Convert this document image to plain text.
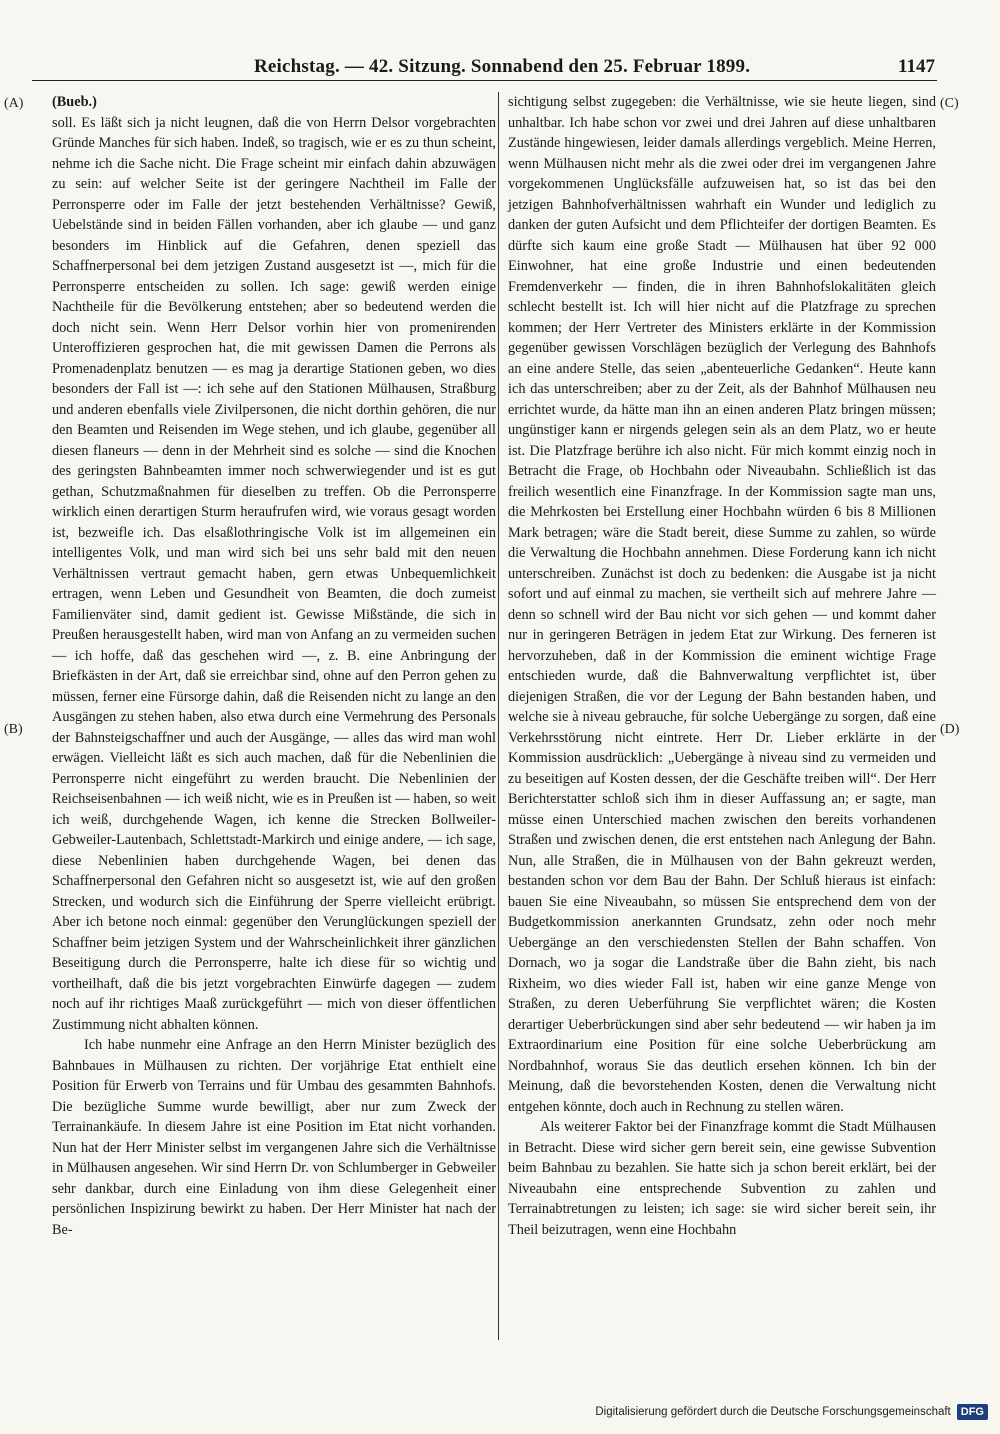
Reichstag. — 42. Sitzung. Sonnabend den 25. Februar 1899.	1147
(A)
(B)
(C)
(D)

(Bueb.)

soll. Es läßt sich ja nicht leugnen, daß die von Herrn Delsor vorgebrachten Gründe Manches für sich haben. Indeß, so tragisch, wie er es zu thun scheint, nehme ich die Sache nicht. Die Frage scheint mir einfach dahin abzuwägen zu sein: auf welcher Seite ist der geringere Nachtheil im Falle der Perronsperre oder im Falle der jetzt bestehenden Verhältnisse? Gewiß, Uebelstände sind in beiden Fällen vorhanden, aber ich glaube — und ganz besonders im Hinblick auf die Gefahren, denen speziell das Schaffnerpersonal bei dem jetzigen Zustand ausgesetzt ist —, mich für die Perronsperre entscheiden zu sollen. Ich sage: gewiß werden einige Nachtheile für die Bevölkerung entstehen; aber so bedeutend werden die doch nicht sein. Wenn Herr Delsor vorhin hier von promenirenden Unteroffizieren gesprochen hat, die mit gewissen Damen die Perrons als Promenadenplatz benutzen — es mag ja derartige Stationen geben, wo dies besonders der Fall ist —: ich sehe auf den Stationen Mülhausen, Straßburg und anderen ebenfalls viele Zivilpersonen, die nicht dorthin gehören, die nur den Beamten und Reisenden im Wege stehen, und ich glaube, gegenüber all diesen flaneurs — denn in der Mehrheit sind es solche — sind die Knochen des geringsten Bahnbeamten immer noch schwerwiegender und ist es gut gethan, Schutzmaßnahmen für dieselben zu treffen. Ob die Perronsperre wirklich einen derartigen Sturm heraufrufen wird, wie voraus gesagt worden ist, bezweifle ich. Das elsaßlothringische Volk ist im allgemeinen ein intelligentes Volk, und man wird sich bei uns sehr bald mit den neuen Verhältnissen vertraut gemacht haben, gern etwas Unbequemlichkeit ertragen, wenn Leben und Gesundheit von Beamten, die doch zumeist Familienväter sind, damit gedient ist. Gewisse Mißstände, die sich in Preußen herausgestellt haben, wird man von Anfang an zu vermeiden suchen — ich hoffe, daß das geschehen wird —, z. B. eine Anbringung der Briefkästen in der Art, daß sie erreichbar sind, ohne auf den Perron gehen zu müssen, ferner eine Fürsorge dahin, daß die Reisenden nicht zu lange an den Ausgängen zu stehen haben, also etwa durch eine Vermehrung des Personals der Bahnsteigschaffner und auch der Ausgänge, — alles das wird man wohl erwägen. Vielleicht läßt es sich auch machen, daß für die Nebenlinien die Perronsperre nicht eingeführt zu werden braucht. Die Nebenlinien der Reichseisenbahnen — ich weiß nicht, wie es in Preußen ist — haben, so weit ich weiß, durchgehende Wagen, ich kenne die Strecken Bollweiler-Gebweiler-Lautenbach, Schlettstadt-Markirch und einige andere, — ich sage, diese Nebenlinien haben durchgehende Wagen, bei denen das Schaffnerpersonal den Gefahren nicht so ausgesetzt ist, wie auf den großen Strecken, und wodurch sich die Einführung der Sperre vielleicht erübrigt. Aber ich betone noch einmal: gegenüber den Verunglückungen speziell der Schaffner beim jetzigen System und der Wahrscheinlichkeit ihrer gänzlichen Beseitigung durch die Perronsperre, halte ich diese für so wichtig und vortheilhaft, daß die bis jetzt vorgebrachten Einwürfe dagegen — zudem noch auf ihr richtiges Maaß zurückgeführt — mich von dieser öffentlichen Zustimmung nicht abhalten können.

Ich habe nunmehr eine Anfrage an den Herrn Minister bezüglich des Bahnbaues in Mülhausen zu richten. Der vorjährige Etat enthielt eine Position für Erwerb von Terrains und für Umbau des gesammten Bahnhofs. Die bezügliche Summe wurde bewilligt, aber nur zum Zweck der Terrainankäufe. In diesem Jahre ist eine Position im Etat nicht vorhanden. Nun hat der Herr Minister selbst im vergangenen Jahre sich die Verhältnisse in Mülhausen angesehen. Wir sind Herrn Dr. von Schlumberger in Gebweiler sehr dankbar, durch eine Einladung von ihm diese Gelegenheit einer persönlichen Inspizirung bewirkt zu haben. Der Herr Minister hat nach der Be-

sichtigung selbst zugegeben: die Verhältnisse, wie sie heute liegen, sind unhaltbar. Ich habe schon vor zwei und drei Jahren auf diese unhaltbaren Zustände hingewiesen, leider damals allerdings vergeblich. Meine Herren, wenn Mülhausen nicht mehr als die zwei oder drei im vergangenen Jahre vorgekommenen Unglücksfälle aufzuweisen hat, so ist das bei den jetzigen Bahnhofverhältnissen wahrhaft ein Wunder und lediglich zu danken der guten Aufsicht und dem Pflichteifer der dortigen Beamten. Es dürfte sich kaum eine große Stadt — Mülhausen hat über 92 000 Einwohner, hat eine große Industrie und einen bedeutenden Fremdenverkehr — finden, die in ihren Bahnhofslokalitäten gleich schlecht bestellt ist. Ich will hier nicht auf die Platzfrage zu sprechen kommen; der Herr Vertreter des Ministers erklärte in der Kommission gegenüber gewissen Vorschlägen bezüglich der Verlegung des Bahnhofs an eine andere Stelle, das seien „abenteuerliche Gedanken“. Heute kann ich das unterschreiben; aber zu der Zeit, als der Bahnhof Mülhausen neu errichtet wurde, da hätte man ihn an einen anderen Platz bringen müssen; ungünstiger kann er nirgends gelegen sein als an dem Platz, wo er heute ist. Die Platzfrage berühre ich also nicht. Für mich kommt einzig noch in Betracht die Frage, ob Hochbahn oder Niveaubahn. Schließlich ist das freilich wesentlich eine Finanzfrage. In der Kommission sagte man uns, die Mehrkosten bei Erstellung einer Hochbahn würden 6 bis 8 Millionen Mark betragen; wäre die Stadt bereit, diese Summe zu zahlen, so würde die Verwaltung die Hochbahn annehmen. Diese Forderung kann ich nicht unterschreiben. Zunächst ist doch zu bedenken: die Ausgabe ist ja nicht sofort und auf einmal zu machen, sie vertheilt sich auf mehrere Jahre — denn so schnell wird der Bau nicht vor sich gehen — und kommt daher nur in geringeren Beträgen in jedem Etat zur Wirkung. Des ferneren ist hervorzuheben, daß in der Kommission die eminent wichtige Frage entschieden wurde, daß die Bahnverwaltung verpflichtet ist, über diejenigen Straßen, die vor der Legung der Bahn bestanden haben, und welche sie à niveau gebrauche, für solche Uebergänge zu sorgen, daß eine Verkehrsstörung nicht eintrete. Herr Dr. Lieber erklärte in der Kommission ausdrücklich: „Uebergänge à niveau sind zu vermeiden und zu beseitigen auf Kosten dessen, der die Geschäfte treiben will“. Der Herr Berichterstatter schloß sich ihm in dieser Auffassung an; er sagte, man müsse einen Unterschied machen zwischen den bereits vorhandenen Straßen und zwischen denen, die erst entstehen nach Anlegung der Bahn. Nun, alle Straßen, die in Mülhausen von der Bahn gekreuzt werden, bestanden schon vor dem Bau der Bahn. Der Schluß hieraus ist einfach: bauen Sie eine Niveaubahn, so müssen Sie entsprechend dem von der Budgetkommission anerkannten Grundsatz, zehn oder noch mehr Uebergänge an den verschiedensten Stellen der Bahn schaffen. Von Dornach, wo ja sogar die Landstraße über die Bahn zieht, bis nach Rixheim, wo dies wieder Fall ist, haben wir eine ganze Menge von Straßen, zu deren Ueberführung Sie verpflichtet wären; die Kosten derartiger Ueberbrückungen sind aber sehr bedeutend — wir haben ja im Extraordinarium eine Position für eine solche Ueberbrückung am Nordbahnhof, woraus Sie das deutlich ersehen können. Ich bin der Meinung, daß die bevorstehenden Kosten, denen die Verwaltung nicht entgehen könnte, doch auch in Rechnung zu stellen wären.

Als weiterer Faktor bei der Finanzfrage kommt die Stadt Mülhausen in Betracht. Diese wird sicher gern bereit sein, eine gewisse Subvention beim Bahnbau zu bezahlen. Sie hatte sich ja schon bereit erklärt, bei der Niveaubahn eine entsprechende Subvention zu zahlen und Terrainabtretungen zu leisten; ich sage: sie wird sicher bereit sein, ihr Theil beizutragen, wenn eine Hochbahn

Digitalisierung gefördert durch die Deutsche Forschungsgemeinschaft DFG
